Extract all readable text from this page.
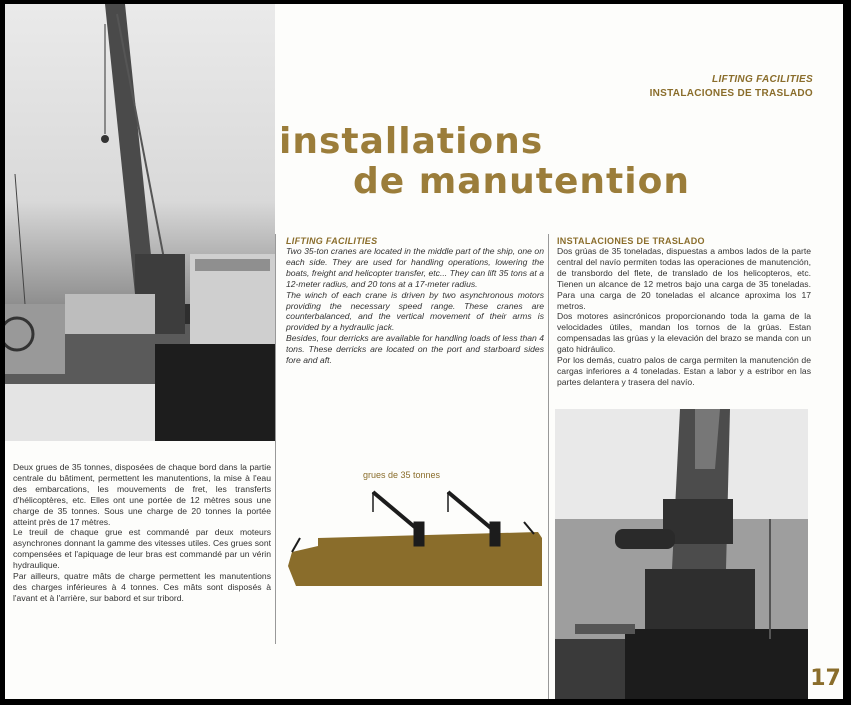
LIFTING FACILITIES
INSTALACIONES DE TRASLADO
installations
de manutention
LIFTING FACILITIES

Two 35-ton cranes are located in the middle part of the ship, one on each side. They are used for handling operations, lowering the boats, freight and helicopter transfer, etc... They can lift 35 tons at a 12-meter radius, and 20 tons at a 17-meter radius.

The winch of each crane is driven by two asynchronous motors providing the necessary speed range. These cranes are counterbalanced, and the vertical movement of their arms is provided by a hydraulic jack.

Besides, four derricks are available for handling loads of less than 4 tons. These derricks are located on the port and starboard sides fore and aft.

INSTALACIONES DE TRASLADO

Dos grúas de 35 toneladas, dispuestas a ambos lados de la parte central del navío permiten todas las operaciones de manutención, de transbordo del flete, de translado de los helicopteros, etc. Tienen un alcance de 12 metros bajo una carga de 35 toneladas. Para una carga de 20 toneladas el alcance aproxima los 17 metros.

Dos motores asincrónicos proporcionando toda la gama de la velocidades útiles, mandan los tornos de la grúas. Estan compensadas las grúas y la elevación del brazo se manda con un gato hidráulico.

Por los demás, cuatro palos de carga permiten la manutención de cargas inferiores a 4 toneladas. Estan a labor y a estribor en las partes delantera y trasera del navío.

Deux grues de 35 tonnes, disposées de chaque bord dans la partie centrale du bâtiment, permettent les manutentions, la mise à l'eau des embarcations, les mouvements de fret, les transferts d'hélicoptères, etc. Elles ont une portée de 12 mètres sous une charge de 35 tonnes. Sous une charge de 20 tonnes la portée atteint près de 17 mètres.

Le treuil de chaque grue est commandé par deux moteurs asynchrones donnant la gamme des vitesses utiles. Ces grues sont compensées et l'apiquage de leur bras est commandé par un vérin hydraulique.

Par ailleurs, quatre mâts de charge permettent les manutentions des charges inférieures à 4 tonnes. Ces mâts sont disposés à l'avant et à l'arrière, sur babord et sur tribord.

grues de 35 tonnes
17
